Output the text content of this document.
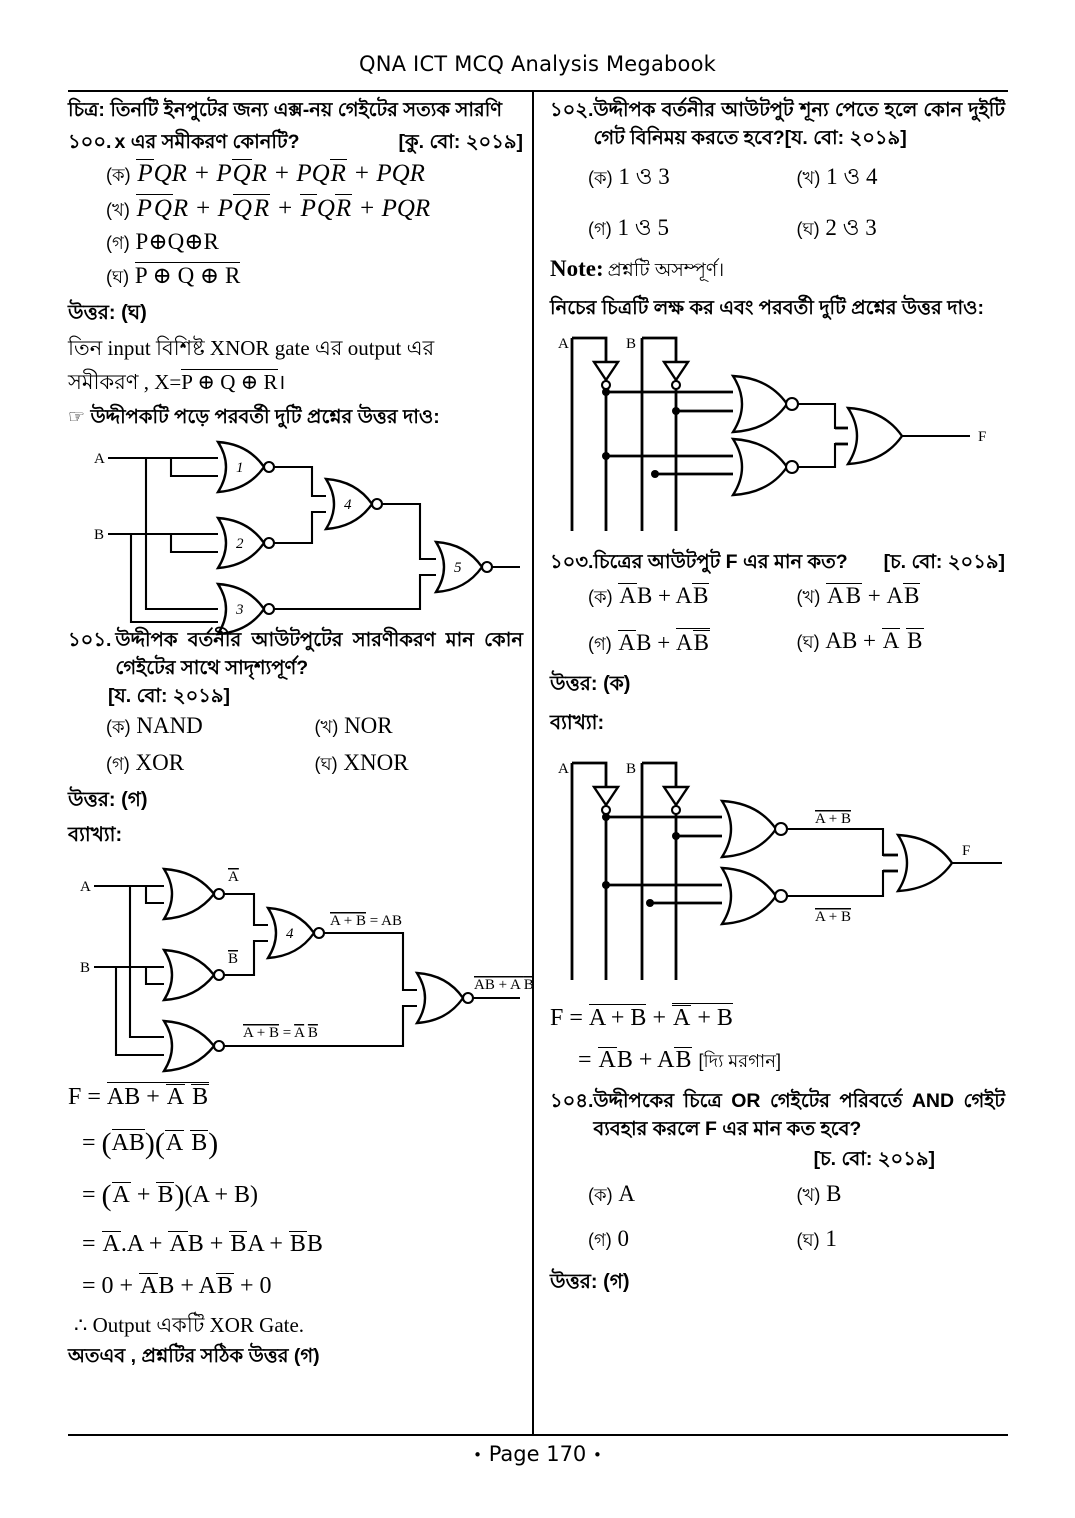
QNA ICT MCQ Analysis Megabook
• Page 170 •
চিত্র: তিনটি ইনপুটের জন্য এক্স-নয় গেইটের সত্যক সারণি
১০০. x এর সমীকরণ কোনটি?	[কু. বো: ২০১৯]
(ক) PQR + PQR + PQR + PQR
(খ) PQR + PQR + PQR + PQR
(গ) P⊕Q⊕R
(ঘ) P ⊕ Q ⊕ R
উত্তর: (ঘ)
তিন input বিশিষ্ট XNOR gate এর output এর
সমীকরণ , X=P ⊕ Q ⊕ R।
☞ উদ্দীপকটি পড়ে পরবর্তী দুটি প্রশ্নের উত্তর দাও:
A
B
1
2
3
4
5
১০১. উদ্দীপক বর্তনীর আউটপুটের সারণীকরণ মান কোন গেইটের সাথে সাদৃশ্যপূর্ণ?
[য. বো: ২০১৯]
(ক) NAND	(খ) NOR
(গ) XOR	(ঘ) XNOR
উত্তর: (গ)
ব্যাখ্যা:
A
B
A
B
4
A + B = AB
A + B = A B
AB + A B
F = AB + A B
= (AB)(A B)
= (A + B)(A + B)
= A.A + AB + BA + BB
= 0 + AB + AB + 0
∴ Output একটি XOR Gate.
অতএব , প্রশ্নটির সঠিক উত্তর (গ)
১০২. উদ্দীপক বর্তনীর আউটপুট শূন্য পেতে হলে কোন দুইটি গেট বিনিময় করতে হবে?[য. বো: ২০১৯]
(ক) 1 ও 3	(খ) 1 ও 4
(গ) 1 ও 5	(ঘ) 2 ও 3
Note: প্রশ্নটি অসম্পূর্ণ।
নিচের চিত্রটি লক্ষ কর এবং পরবর্তী দুটি প্রশ্নের উত্তর দাও:
A	B
F
১০৩. চিত্রের আউটপুট F এর মান কত? [চ. বো: ২০১৯]
(ক) AB + AB	(খ) AB + AB
(গ) AB + AB	(ঘ) AB + A B
উত্তর: (ক)
ব্যাখ্যা:
A	B
A + B
A + B
F
F = A + B + A + B
= AB + AB [দ্যি মরগান]
১০৪. উদ্দীপকের চিত্রে OR গেইটের পরিবর্তে AND গেইট ব্যবহার করলে F এর মান কত হবে?
[চ. বো: ২০১৯]
(ক) A	(খ) B
(গ) 0	(ঘ) 1
উত্তর: (গ)
